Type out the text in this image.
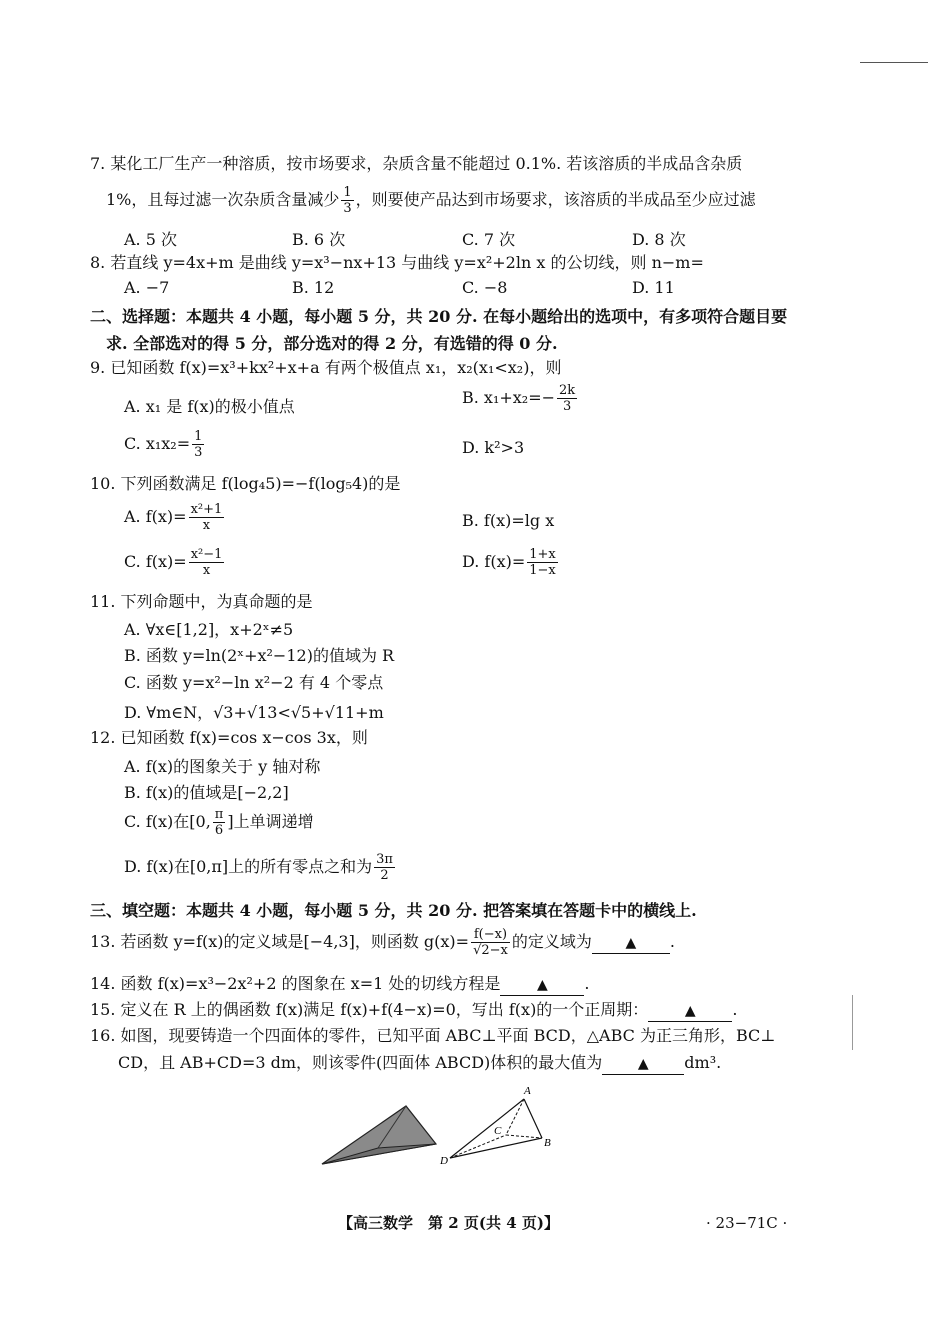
7. 某化工厂生产一种溶质，按市场要求，杂质含量不能超过 0.1%. 若该溶质的半成品含杂质
1%，且每过滤一次杂质含量减少 $\frac{1}{3}$ ，则要使产品达到市场要求，该溶质的半成品至少应过滤
A. 5 次	B. 6 次	C. 7 次	D. 8 次
8. 若直线 y=4x+m 是曲线 y=x³−nx+13 与曲线 y=x²+2ln x 的公切线，则 n−m=
A. −7	B. 12	C. −8	D. 11
二、选择题：本题共 4 小题，每小题 5 分，共 20 分. 在每小题给出的选项中，有多项符合题目要
求. 全部选对的得 5 分，部分选对的得 2 分，有选错的得 0 分.
9. 已知函数 f(x)=x³+kx²+x+a 有两个极值点 x₁，x₂(x₁<x₂)，则
A. x₁ 是 f(x)的极小值点	B. $x_1+x_2=- \frac{2k}{3}$
C. $x_1x_2= \frac{1}{3}$	D. k²>3
10. 下列函数满足 f(log₄5)=−f(log₅4)的是
A. $f(x)= \frac{\text{x²+1}}{x}$	B. f(x)=lg x
C. $f(x)= \frac{\text{x²−1}}{x}$	D. $f(x)= \frac{1+x}{1-x}$
11. 下列命题中，为真命题的是
A. ∀x∈[1,2]，x+2ˣ≠5
B. 函数 y=ln(2ˣ+x²−12)的值域为 R
C. 函数 y=x²−ln x²−2 有 4 个零点
D. ∀m∈N，√3+√13<√5+√11+m
12. 已知函数 f(x)=cos x−cos 3x，则
A. f(x)的图象关于 y 轴对称
B. f(x)的值域是[−2,2]
C. f(x)在[0, $\frac{\pi}{6}$ ]上单调递增
D. f(x)在[0,π]上的所有零点之和为 $\frac{3\pi}{2}$
三、填空题：本题共 4 小题，每小题 5 分，共 20 分. 把答案填在答题卡中的横线上.
13. 若函数 y=f(x)的定义域是[−4,3]，则函数 $g(x)= \frac{f(-x)}{√2-x}$ 的定义域为 ▲ .
14. 函数 f(x)=x³−2x²+2 的图象在 x=1 处的切线方程是	▲ .
15. 定义在 R 上的偶函数 f(x)满足 f(x)+f(4−x)=0，写出 f(x)的一个正周期：	▲ .
16. 如图，现要铸造一个四面体的零件，已知平面 ABC⊥平面 BCD，△ABC 为正三角形，BC⊥
CD，且 AB+CD=3 dm，则该零件(四面体 ABCD)体积的最大值为	▲ dm³.
A
B
C
D
【高三数学　第 2 页(共 4 页)】	· 23−71C ·
